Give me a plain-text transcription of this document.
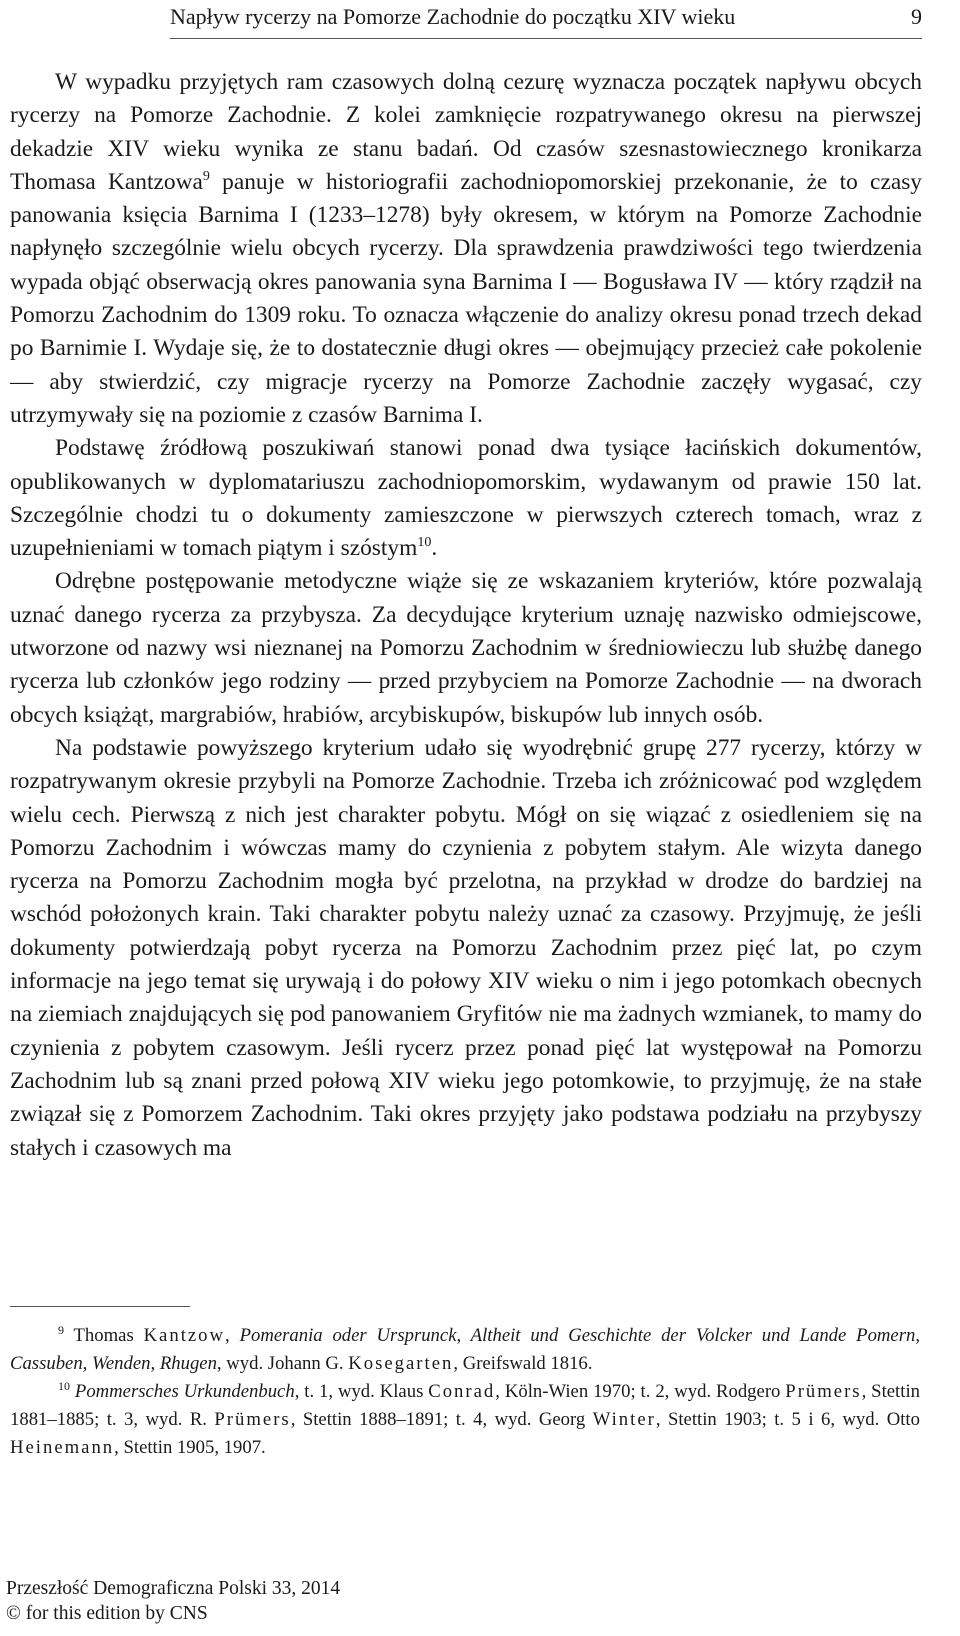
Napływ rycerzy na Pomorze Zachodnie do początku XIV wieku	9

W wypadku przyjętych ram czasowych dolną cezurę wyznacza początek napływu obcych rycerzy na Pomorze Zachodnie. Z kolei zamknięcie rozpatrywanego okresu na pierwszej dekadzie XIV wieku wynika ze stanu badań. Od czasów szesnastowiecznego kronikarza Thomasa Kantzowa$^9$ panuje w historiografii zachodniopomorskiej przekonanie, że to czasy panowania księcia Barnima I (1233–1278) były okresem, w którym na Pomorze Zachodnie napłynęło szczególnie wielu obcych rycerzy. Dla sprawdzenia prawdziwości tego twierdzenia wypada objąć obserwacją okres panowania syna Barnima I — Bogusława IV — który rządził na Pomorzu Zachodnim do 1309 roku. To oznacza włączenie do analizy okresu ponad trzech dekad po Barnimie I. Wydaje się, że to dostatecznie długi okres — obejmujący przecież całe pokolenie — aby stwierdzić, czy migracje rycerzy na Pomorze Zachodnie zaczęły wygasać, czy utrzymywały się na poziomie z czasów Barnima I.

Podstawę źródłową poszukiwań stanowi ponad dwa tysiące łacińskich dokumentów, opublikowanych w dyplomatariuszu zachodniopomorskim, wydawanym od prawie 150 lat. Szczególnie chodzi tu o dokumenty zamieszczone w pierwszych czterech tomach, wraz z uzupełnieniami w tomach piątym i szóstym$^{10}$.

Odrębne postępowanie metodyczne wiąże się ze wskazaniem kryteriów, które pozwalają uznać danego rycerza za przybysza. Za decydujące kryterium uznaję nazwisko odmiejscowe, utworzone od nazwy wsi nieznanej na Pomorzu Zachodnim w średniowieczu lub służbę danego rycerza lub członków jego rodziny — przed przybyciem na Pomorze Zachodnie — na dworach obcych książąt, margrabiów, hrabiów, arcybiskupów, biskupów lub innych osób.

Na podstawie powyższego kryterium udało się wyodrębnić grupę 277 rycerzy, którzy w rozpatrywanym okresie przybyli na Pomorze Zachodnie. Trzeba ich zróżnicować pod względem wielu cech. Pierwszą z nich jest charakter pobytu. Mógł on się wiązać z osiedleniem się na Pomorzu Zachodnim i wówczas mamy do czynienia z pobytem stałym. Ale wizyta danego rycerza na Pomorzu Zachodnim mogła być przelotna, na przykład w drodze do bardziej na wschód położonych krain. Taki charakter pobytu należy uznać za czasowy. Przyjmuję, że jeśli dokumenty potwierdzają pobyt rycerza na Pomorzu Zachodnim przez pięć lat, po czym informacje na jego temat się urywają i do połowy XIV wieku o nim i jego potomkach obecnych na ziemiach znajdujących się pod panowaniem Gryfitów nie ma żadnych wzmianek, to mamy do czynienia z pobytem czasowym. Jeśli rycerz przez ponad pięć lat występował na Pomorzu Zachodnim lub są znani przed połową XIV wieku jego potomkowie, to przyjmuję, że na stałe związał się z Pomorzem Zachodnim. Taki okres przyjęty jako podstawa podziału na przybyszy stałych i czasowych ma

$^9$ Thomas Kantzow, Pomerania oder Ursprunck, Altheit und Geschichte der Volcker und Lande Pomern, Cassuben, Wenden, Rhugen, wyd. Johann G. Kosegarten, Greifswald 1816.

$^{10}$ Pommersches Urkundenbuch, t. 1, wyd. Klaus Conrad, Köln-Wien 1970; t. 2, wyd. Rodgero Prümers, Stettin 1881–1885; t. 3, wyd. R. Prümers, Stettin 1888–1891; t. 4, wyd. Georg Winter, Stettin 1903; t. 5 i 6, wyd. Otto Heinemann, Stettin 1905, 1907.

Przeszłość Demograficzna Polski 33, 2014
© for this edition by CNS
